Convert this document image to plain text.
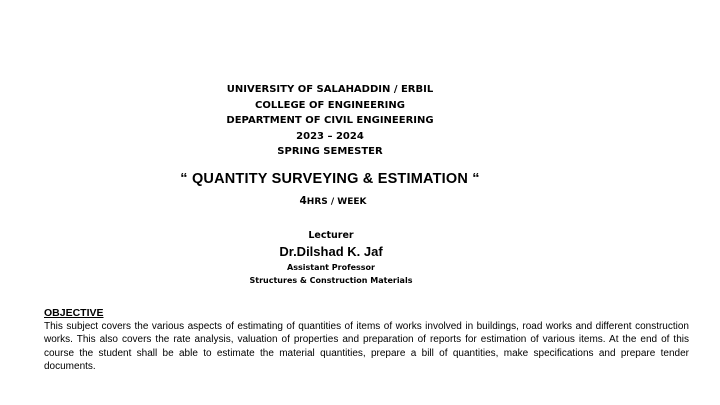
UNIVERSITY OF SALAHADDIN / ERBIL
COLLEGE OF ENGINEERING
DEPARTMENT OF CIVIL ENGINEERING
2023 – 2024
SPRING SEMESTER
“ QUANTITY SURVEYING & ESTIMATION “
4HRS / WEEK
Lecturer
Dr.Dilshad K. Jaf
Assistant Professor
Structures & Construction Materials
OBJECTIVE
This subject covers the various aspects of estimating of quantities of items of works involved in buildings, road works and different construction works. This also covers the rate analysis, valuation of properties and preparation of reports for estimation of various items. At the end of this course the student shall be able to estimate the material quantities, prepare a bill of quantities, make specifications and prepare tender documents.
